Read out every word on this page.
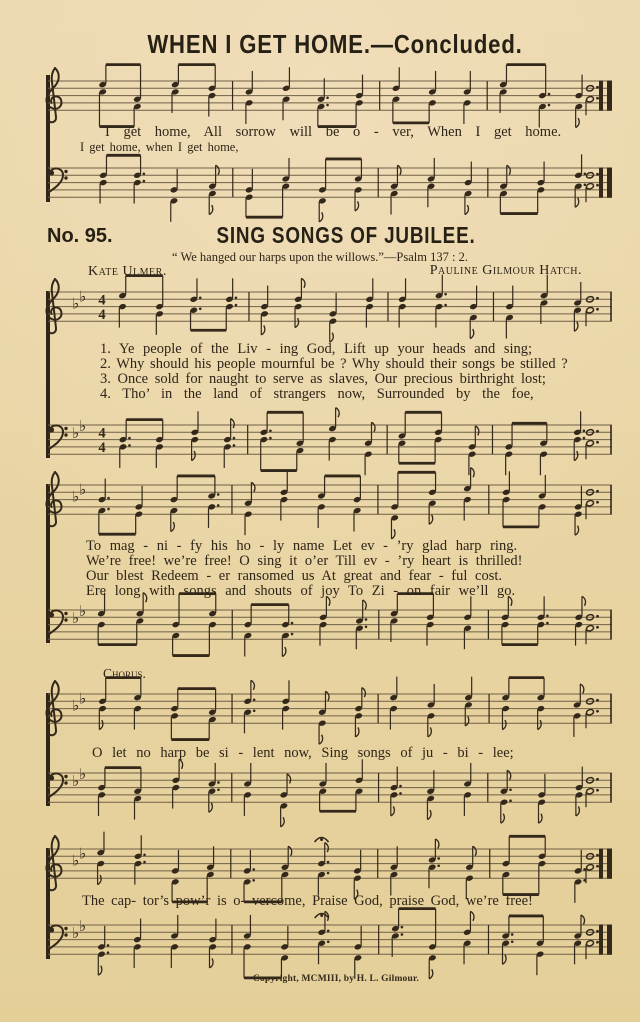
WHEN I GET HOME.—Concluded.
I get home, All sorrow will be o - ver, When I get home.
I get home, when I get home,
♭ ♭ 4
4
♭ ♭ 4
4
1. Ye people of the Liv - ing God, Lift up your heads and sing;
2. Why should his people mournful be ? Why should their songs be stilled ?
3. Once sold for naught to serve as slaves, Our precious birthright lost;
4. Tho’ in the land of strangers now, Surrounded by the foe,
♭ ♭
♭ ♭
To mag - ni - fy his ho - ly name Let ev - ’ry glad harp ring.
We’re free! we’re free! O sing it o’er Till ev - ’ry heart is thrilled!
Our blest Redeem - er ransomed us At great and fear - ful cost.
Ere long with songs and shouts of joy To Zi - on fair we’ll go.
♭ ♭
♭ ♭
O let no harp be si - lent now, Sing songs of ju - bi - lee;
♭ ♭
♭ ♭
The cap- tor’s pow’r is o- vercome, Praise God, praise God, we’re free!
No. 95.	SING SONGS OF JUBILEE.
“ We hanged our harps upon the willows.”—Psalm 137 : 2.
Kate Ulmer.	Pauline Gilmour Hatch.
Chorus.
Copyright, MCMIII, by H. L. Gilmour.
